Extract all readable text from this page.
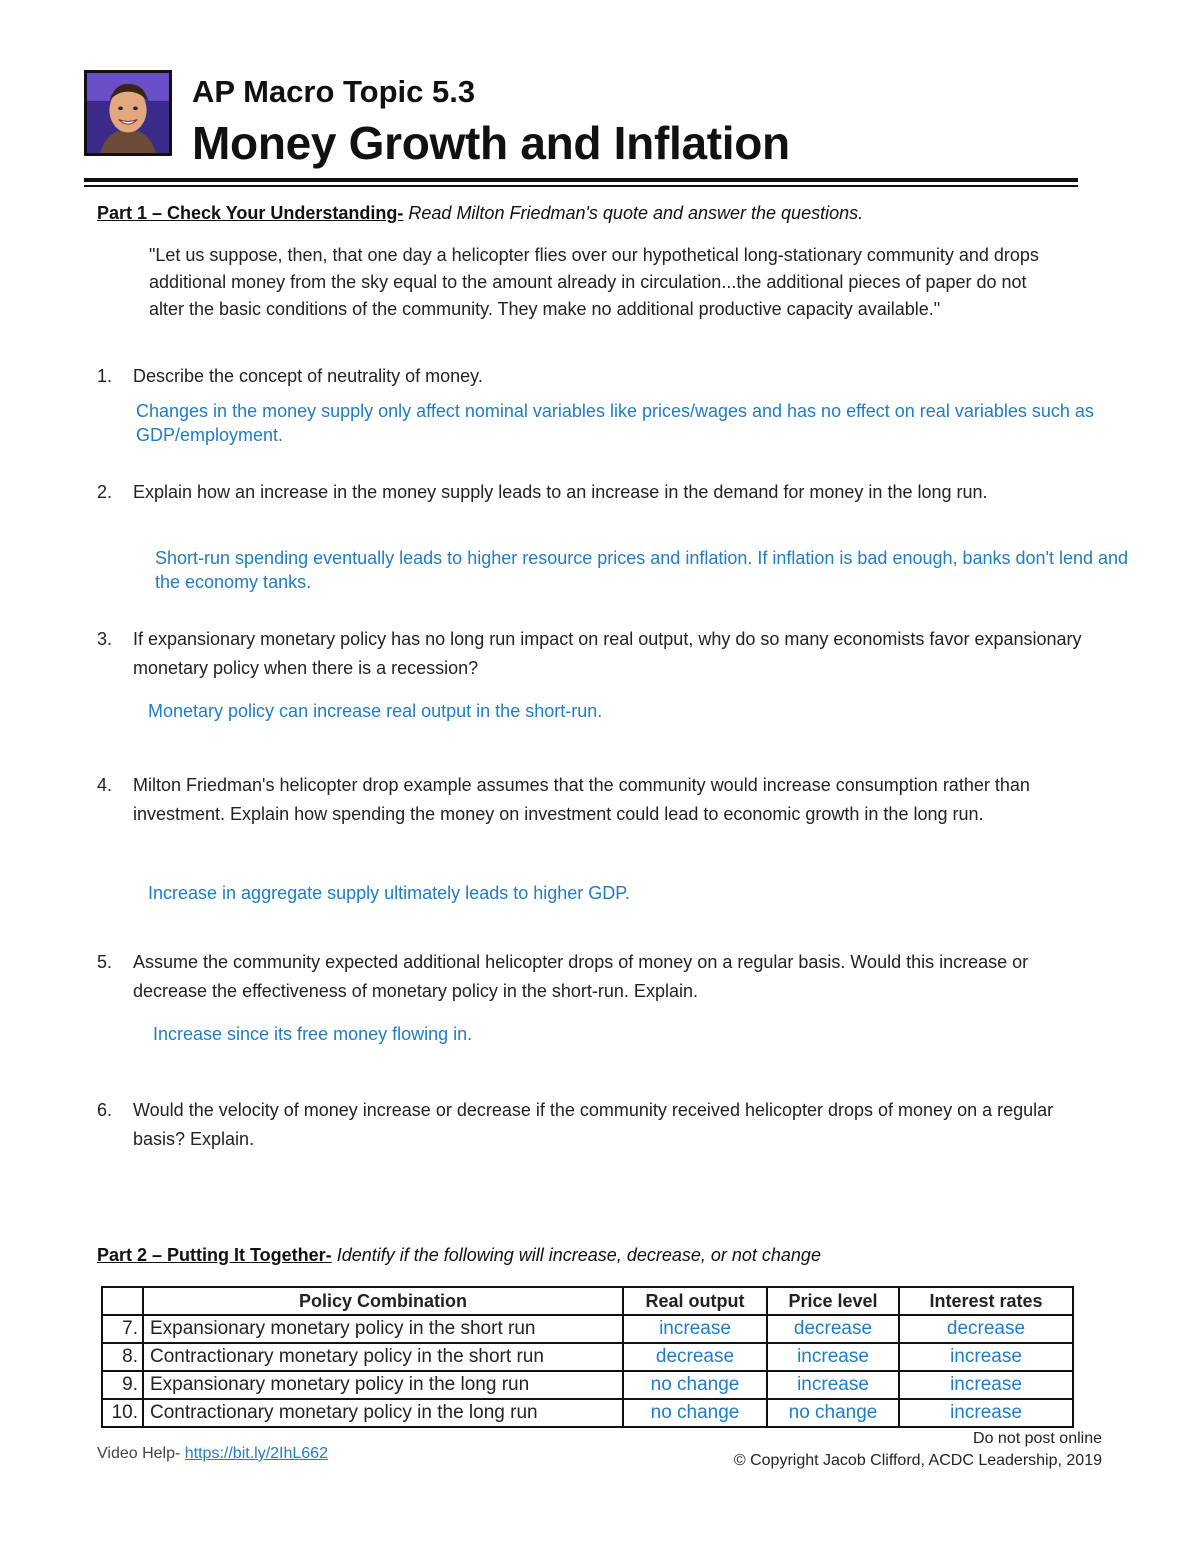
AP Macro Topic 5.3
Money Growth and Inflation
Part 1 – Check Your Understanding- Read Milton Friedman's quote and answer the questions.
"Let us suppose, then, that one day a helicopter flies over our hypothetical long-stationary community and drops additional money from the sky equal to the amount already in circulation...the additional pieces of paper do not alter the basic conditions of the community. They make no additional productive capacity available."
1. Describe the concept of neutrality of money.
Changes in the money supply only affect nominal variables like prices/wages and has no effect on real variables such as GDP/employment.
2. Explain how an increase in the money supply leads to an increase in the demand for money in the long run.
Short-run spending eventually leads to higher resource prices and inflation. If inflation is bad enough, banks don't lend and the economy tanks.
3. If expansionary monetary policy has no long run impact on real output, why do so many economists favor expansionary monetary policy when there is a recession?
Monetary policy can increase real output in the short-run.
4. Milton Friedman's helicopter drop example assumes that the community would increase consumption rather than investment. Explain how spending the money on investment could lead to economic growth in the long run.
Increase in aggregate supply ultimately leads to higher GDP.
5. Assume the community expected additional helicopter drops of money on a regular basis. Would this increase or decrease the effectiveness of monetary policy in the short-run. Explain.
Increase since its free money flowing in.
6. Would the velocity of money increase or decrease if the community received helicopter drops of money on a regular basis? Explain.
Part 2 – Putting It Together- Identify if the following will increase, decrease, or not change
	Policy Combination	Real output	Price level	Interest rates
7.	Expansionary monetary policy in the short run	increase	decrease	decrease
8.	Contractionary monetary policy in the short run	decrease	increase	increase
9.	Expansionary monetary policy in the long run	no change	increase	increase
10.	Contractionary monetary policy in the long run	no change	no change	increase
Video Help- https://bit.ly/2IhL662
Do not post online
© Copyright Jacob Clifford, ACDC Leadership, 2019
